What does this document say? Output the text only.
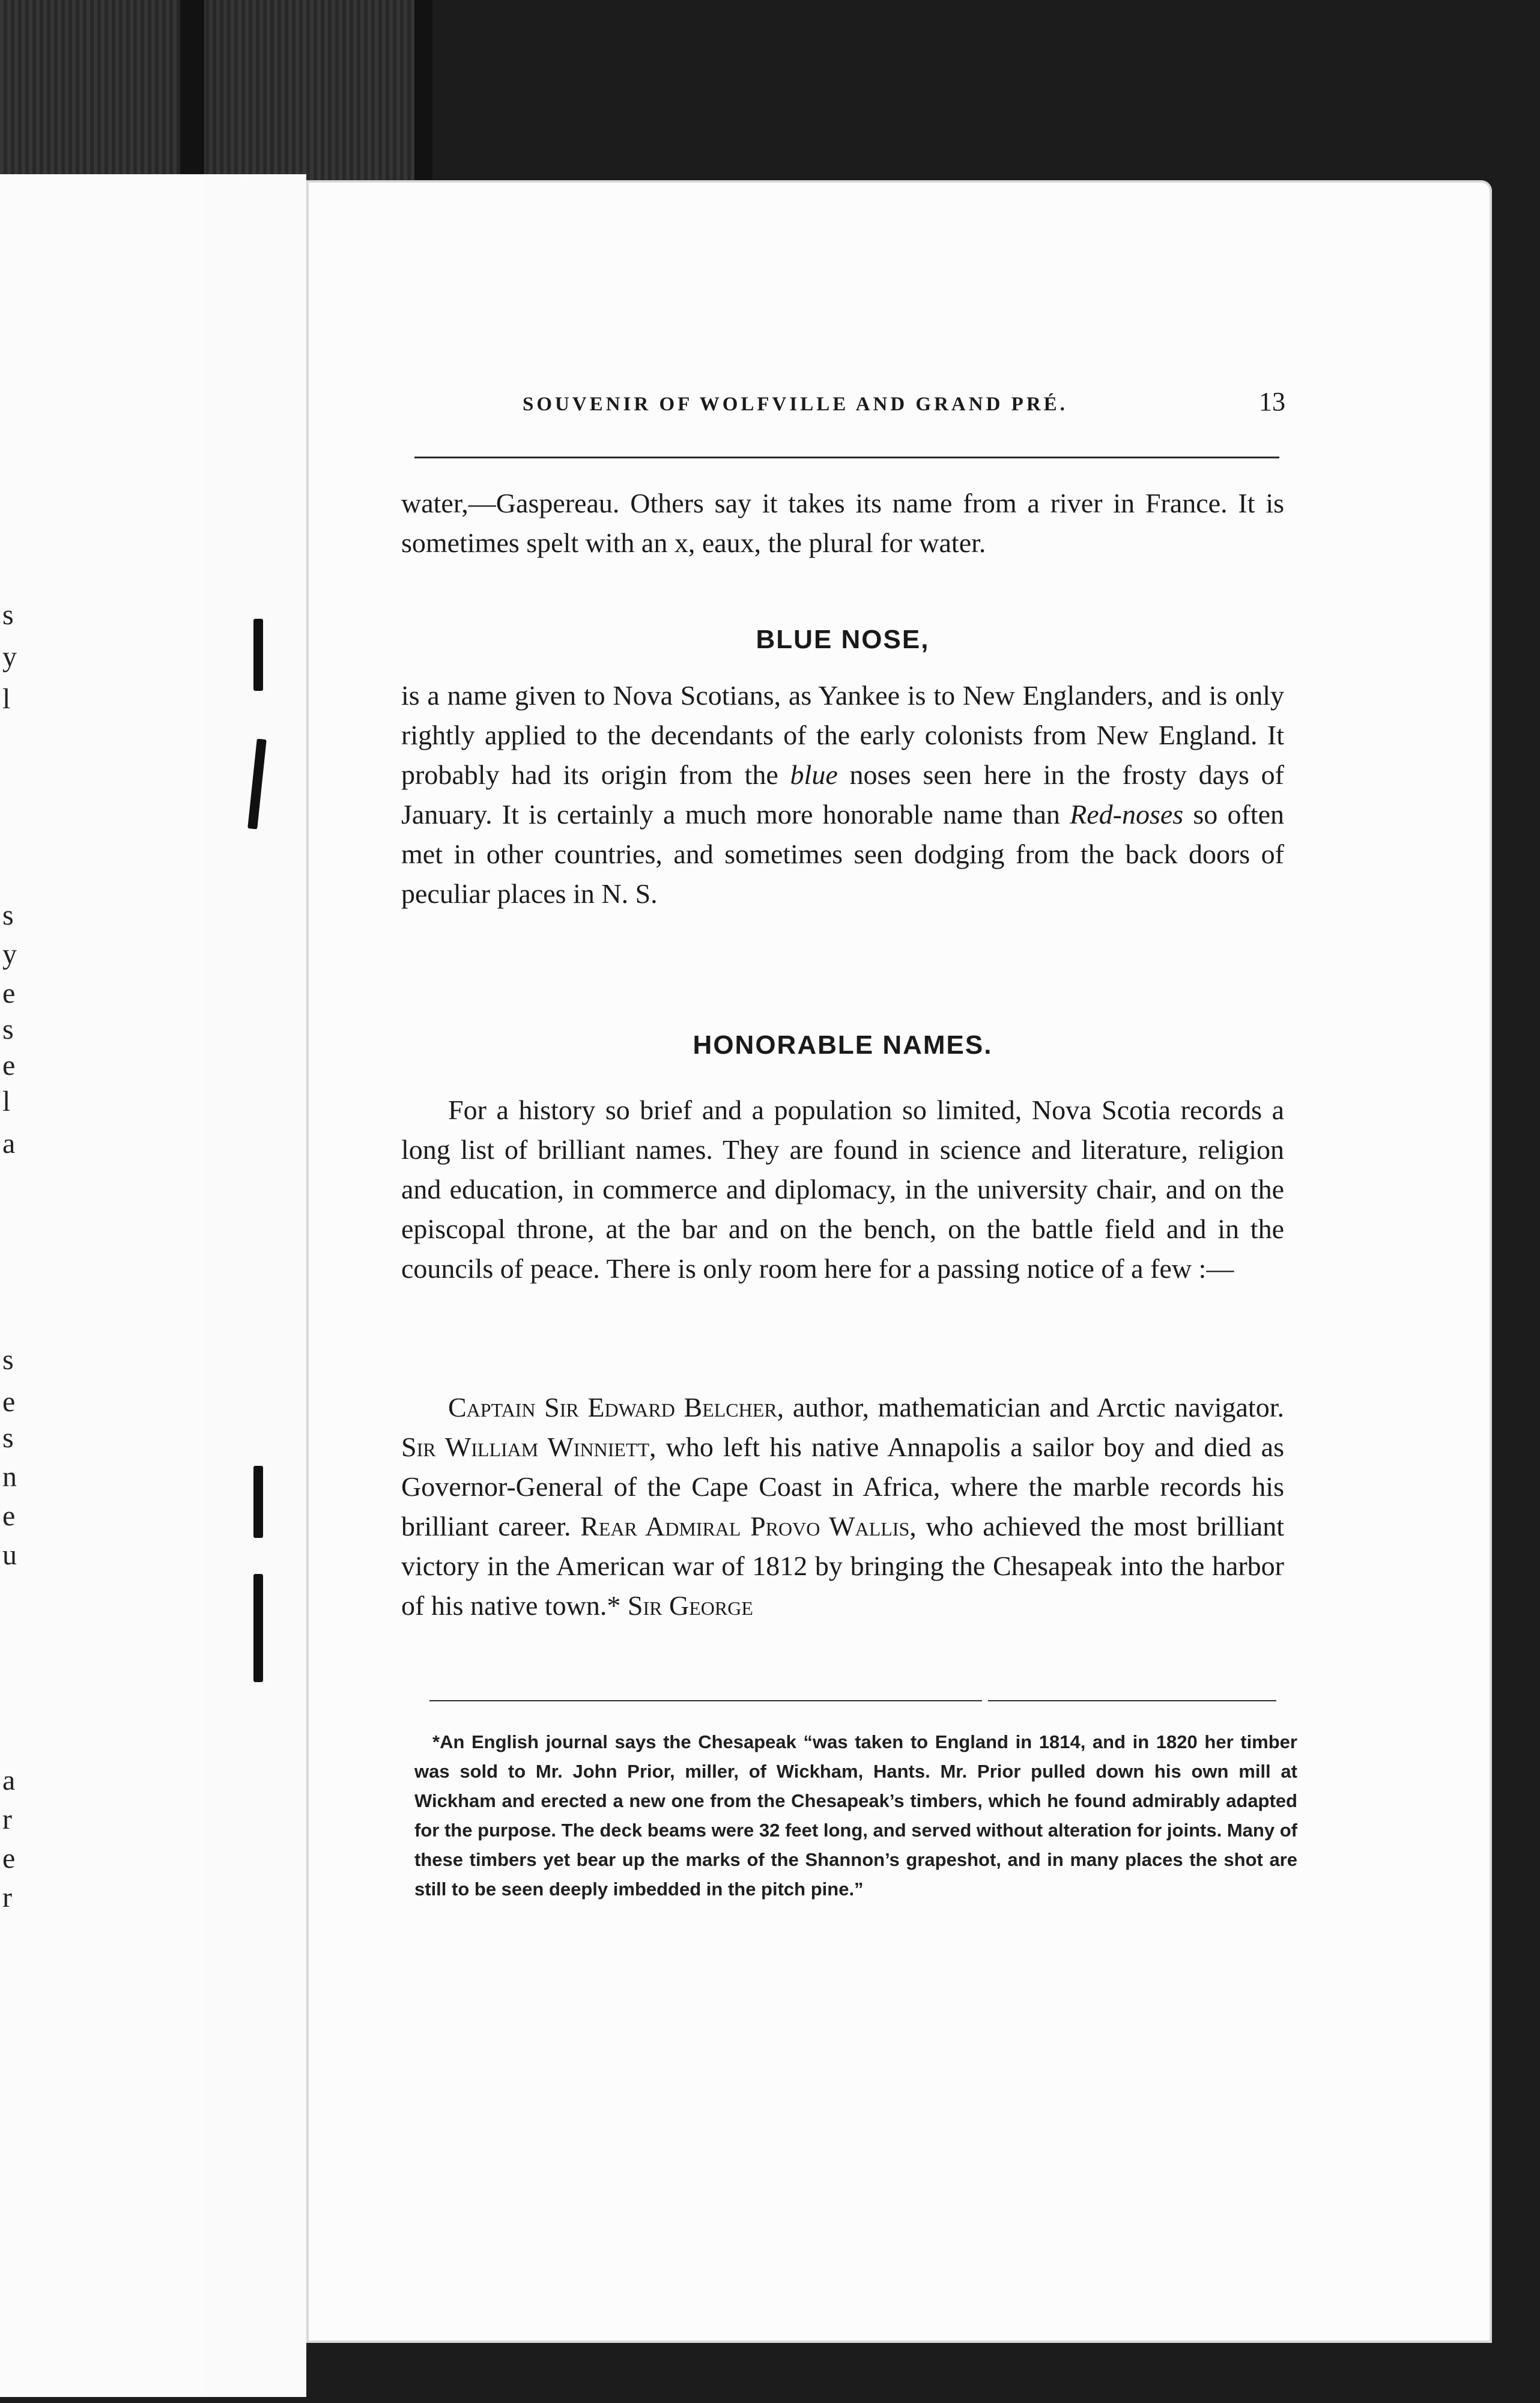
s
y
l
s
y
e
s
e
l
a
s
e
s
n
e
u
a
r
e
r
SOUVENIR OF WOLFVILLE AND GRAND PRÉ.	13

water,—Gaspereau. Others say it takes its name from a river in France. It is sometimes spelt with an x, eaux, the plural for water.

BLUE NOSE,

is a name given to Nova Scotians, as Yankee is to New Englanders, and is only rightly applied to the decendants of the early colonists from New England. It probably had its origin from the blue noses seen here in the frosty days of January. It is certainly a much more honorable name than Red-noses so often met in other countries, and sometimes seen dodging from the back doors of peculiar places in N. S.

HONORABLE NAMES.

For a history so brief and a population so limited, Nova Scotia records a long list of brilliant names. They are found in science and literature, religion and education, in commerce and diplomacy, in the university chair, and on the episcopal throne, at the bar and on the bench, on the battle field and in the councils of peace. There is only room here for a passing notice of a few :—

Captain Sir Edward Belcher, author, mathematician and Arctic navigator. Sir William Winniett, who left his native Annapolis a sailor boy and died as Governor-General of the Cape Coast in Africa, where the marble records his brilliant career. Rear Admiral Provo Wallis, who achieved the most brilliant victory in the American war of 1812 by bringing the Chesapeak into the harbor of his native town.* Sir George

*An English journal says the Chesapeak “was taken to England in 1814, and in 1820 her timber was sold to Mr. John Prior, miller, of Wickham, Hants. Mr. Prior pulled down his own mill at Wickham and erected a new one from the Chesapeak’s timbers, which he found admirably adapted for the purpose. The deck beams were 32 feet long, and served without alteration for joints. Many of these timbers yet bear up the marks of the Shannon’s grapeshot, and in many places the shot are still to be seen deeply imbedded in the pitch pine.”
